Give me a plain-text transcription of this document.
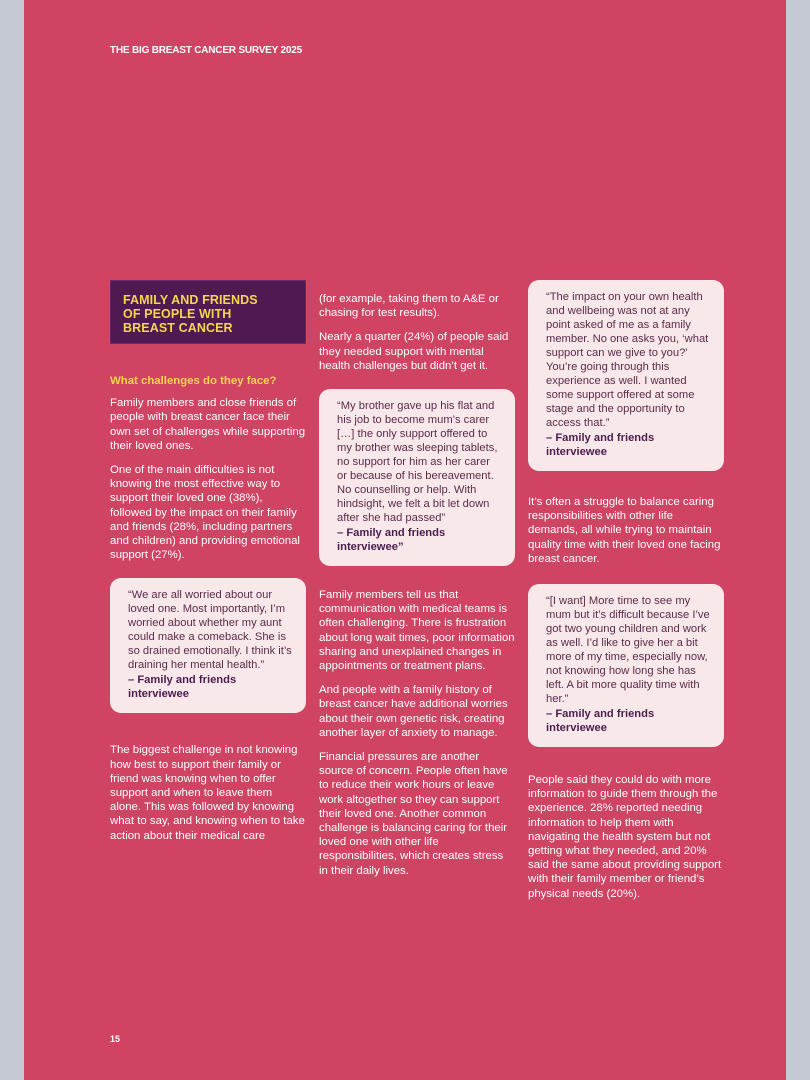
THE BIG BREAST CANCER SURVEY 2025
FAMILY AND FRIENDS
OF PEOPLE WITH
BREAST CANCER
What challenges do they face?

Family members and close friends of people with breast cancer face their own set of challenges while supporting their loved ones.

One of the main difficulties is not knowing the most effective way to support their loved one (38%), followed by the impact on their family and friends (28%, including partners and children) and providing emotional support (27%).

“We are all worried about our loved one. Most importantly, I’m worried about whether my aunt could make a comeback. She is so drained emotionally. I think it’s draining her mental health.”
– Family and friends interviewee

The biggest challenge in not knowing how best to support their family or friend was knowing when to offer support and when to leave them alone. This was followed by knowing what to say, and knowing when to take action about their medical care

(for example, taking them to A&E or chasing for test results).

Nearly a quarter (24%) of people said they needed support with mental health challenges but didn’t get it.

“My brother gave up his flat and his job to become mum’s carer […] the only support offered to my brother was sleeping tablets, no support for him as her carer or because of his bereavement. No counselling or help. With hindsight, we felt a bit let down after she had passed”
– Family and friends interviewee”

Family members tell us that communication with medical teams is often challenging. There is frustration about long wait times, poor information sharing and unexplained changes in appointments or treatment plans.

And people with a family history of breast cancer have additional worries about their own genetic risk, creating another layer of anxiety to manage.

Financial pressures are another source of concern. People often have to reduce their work hours or leave work altogether so they can support their loved one. Another common challenge is balancing caring for their loved one with other life responsibilities, which creates stress in their daily lives.

“The impact on your own health and wellbeing was not at any point asked of me as a family member. No one asks you, ‘what support can we give to you?’ You’re going through this experience as well. I wanted some support offered at some stage and the opportunity to access that.”
– Family and friends interviewee

It’s often a struggle to balance caring responsibilities with other life demands, all while trying to maintain quality time with their loved one facing breast cancer.

“[I want] More time to see my mum but it’s difficult because I’ve got two young children and work as well. I’d like to give her a bit more of my time, especially now, not knowing how long she has left. A bit more quality time with her.”
– Family and friends interviewee

People said they could do with more information to guide them through the experience. 28% reported needing information to help them with navigating the health system but not getting what they needed, and 20% said the same about providing support with their family member or friend’s physical needs (20%).

15
